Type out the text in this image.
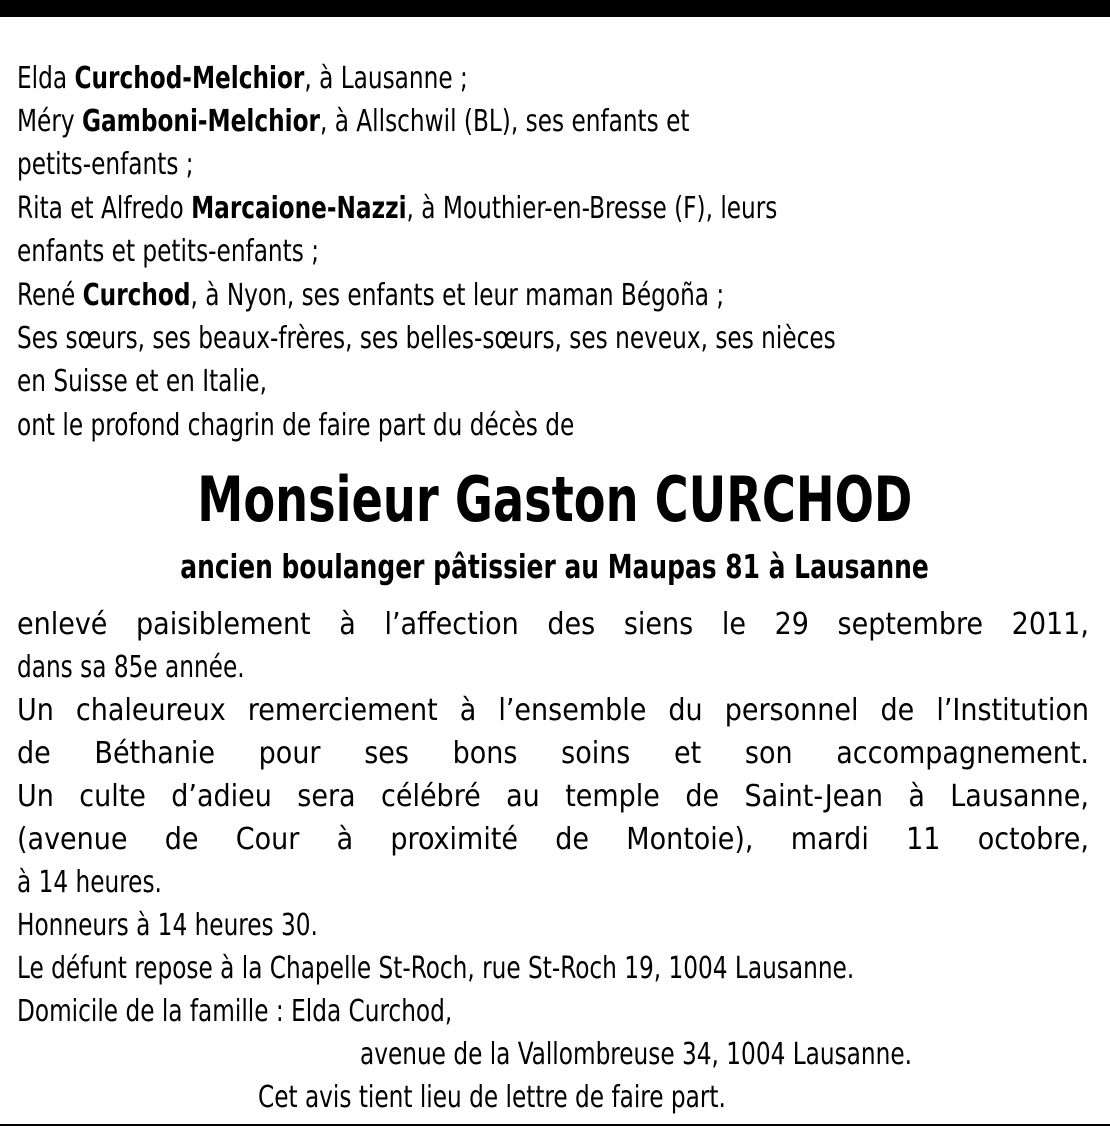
Elda Curchod-Melchior, à Lausanne ;
Méry Gamboni-Melchior, à Allschwil (BL), ses enfants et
petits-enfants ;
Rita et Alfredo Marcaione-Nazzi, à Mouthier-en-Bresse (F), leurs
enfants et petits-enfants ;
René Curchod, à Nyon, ses enfants et leur maman Bégoña ;
Ses sœurs, ses beaux-frères, ses belles-sœurs, ses neveux, ses nièces
en Suisse et en Italie,
ont le profond chagrin de faire part du décès de
Monsieur Gaston CURCHOD
ancien boulanger pâtissier au Maupas 81 à Lausanne
enlevé paisiblement à l’affection des siens le 29 septembre 2011,
dans sa 85e année.
Un chaleureux remerciement à l’ensemble du personnel de l’Institution
de Béthanie pour ses bons soins et son accompagnement.
Un culte d’adieu sera célébré au temple de Saint-Jean à Lausanne,
(avenue de Cour à proximité de Montoie), mardi 11 octobre,
à 14 heures.
Honneurs à 14 heures 30.
Le défunt repose à la Chapelle St-Roch, rue St-Roch 19, 1004 Lausanne.
Domicile de la famille : Elda Curchod,
avenue de la Vallombreuse 34, 1004 Lausanne.
Cet avis tient lieu de lettre de faire part.
